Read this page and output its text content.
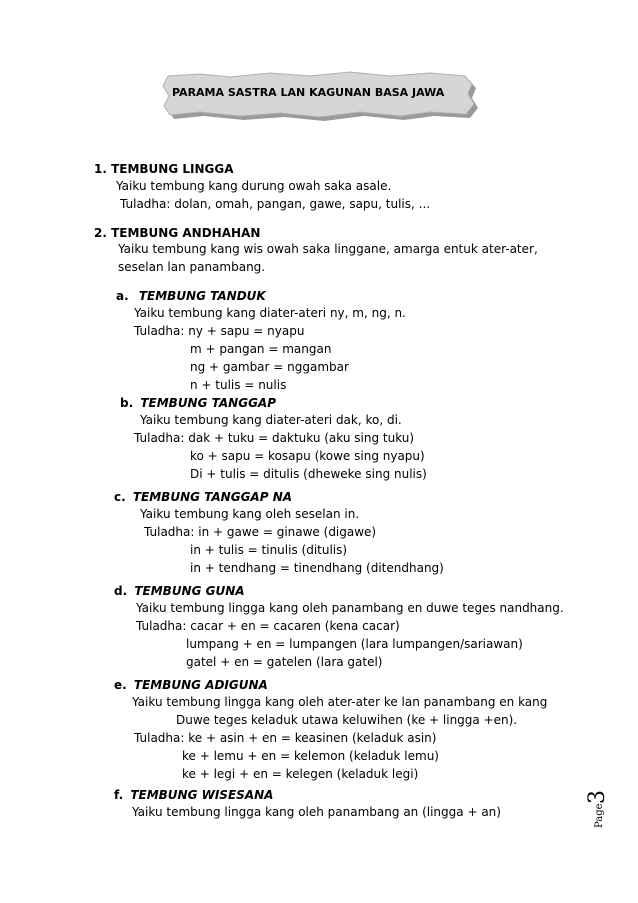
PARAMA SASTRA LAN KAGUNAN BASA JAWA
1. TEMBUNG LINGGA
Yaiku tembung kang durung owah saka asale.
Tuladha: dolan, omah, pangan, gawe, sapu, tulis, ...
2. TEMBUNG ANDHAHAN
Yaiku tembung kang wis owah saka linggane, amarga entuk ater-ater,
seselan lan panambang.
a. TEMBUNG TANDUK
Yaiku tembung kang diater-ateri ny, m, ng, n.
Tuladha: ny + sapu = nyapu
m + pangan = mangan
ng + gambar = nggambar
n + tulis = nulis
b. TEMBUNG TANGGAP
Yaiku tembung kang diater-ateri dak, ko, di.
Tuladha: dak + tuku = daktuku (aku sing tuku)
ko + sapu = kosapu (kowe sing nyapu)
Di + tulis = ditulis (dheweke sing nulis)
c. TEMBUNG TANGGAP NA
Yaiku tembung kang oleh seselan in.
Tuladha: in + gawe = ginawe (digawe)
in + tulis = tinulis (ditulis)
in + tendhang = tinendhang (ditendhang)
d. TEMBUNG GUNA
Yaiku tembung lingga kang oleh panambang en duwe teges nandhang.
Tuladha: cacar + en = cacaren (kena cacar)
lumpang + en = lumpangen (lara lumpangen/sariawan)
gatel + en = gatelen (lara gatel)
e. TEMBUNG ADIGUNA
Yaiku tembung lingga kang oleh ater-ater ke lan panambang en kang
Duwe teges keladuk utawa keluwihen (ke + lingga +en).
Tuladha: ke + asin + en = keasinen (keladuk asin)
ke + lemu + en = kelemon (keladuk lemu)
ke + legi + en = kelegen (keladuk legi)
f. TEMBUNG WISESANA
Yaiku tembung lingga kang oleh panambang an (lingga + an)	Page
3
